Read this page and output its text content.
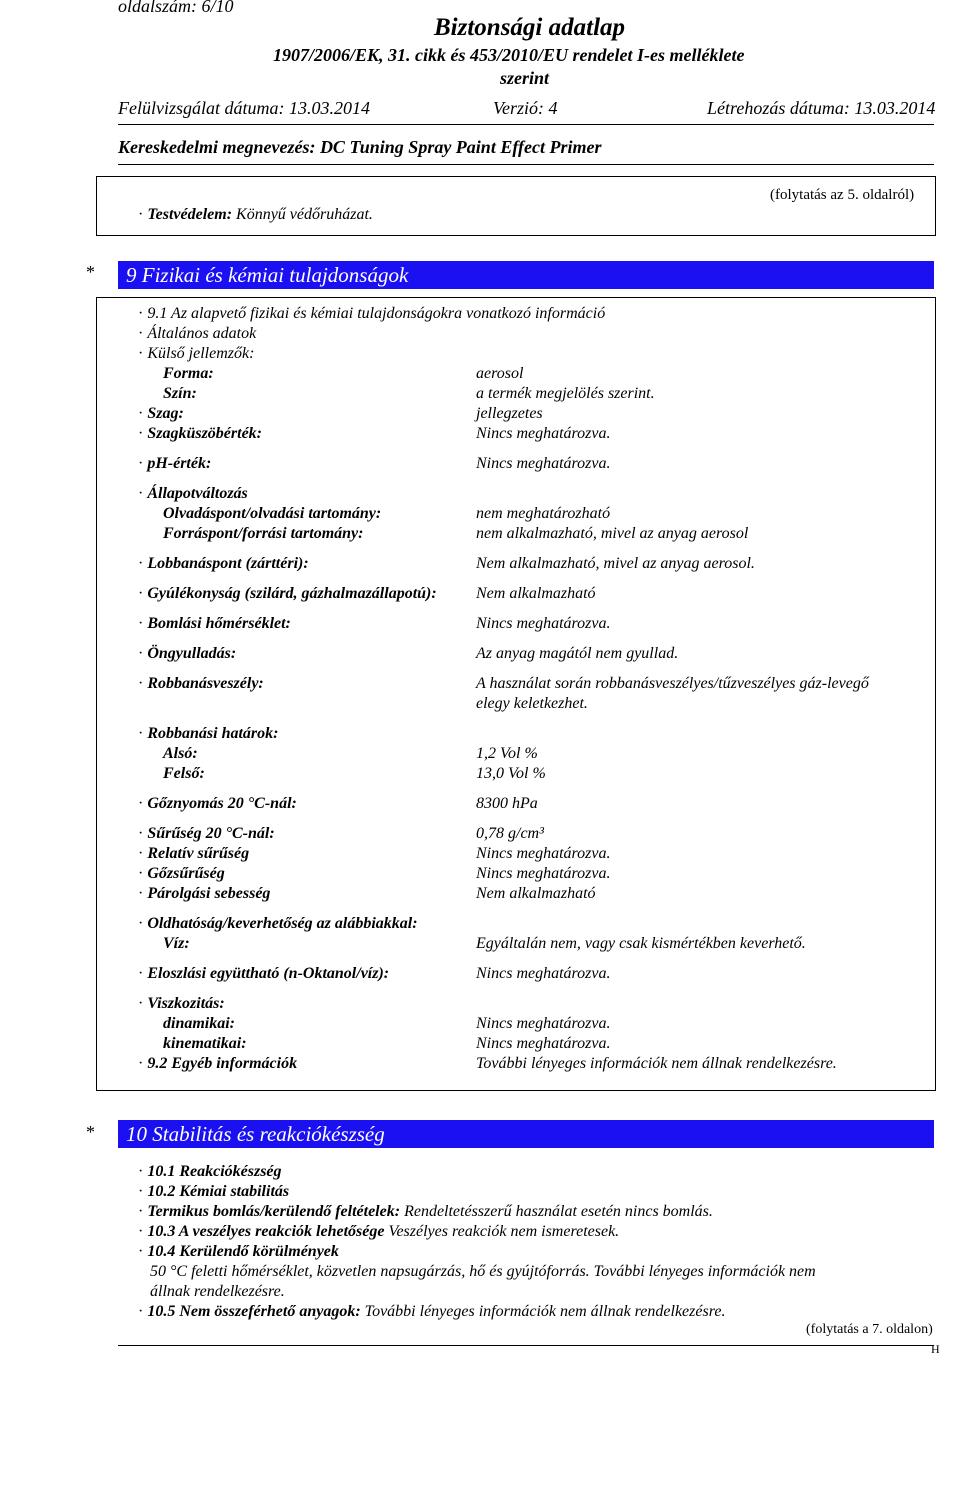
oldalszám: 6/10
Biztonsági adatlap
1907/2006/EK, 31. cikk és 453/2010/EU rendelet I-es melléklete
szerint
Felülvizsgálat dátuma: 13.03.2014	Verzió: 4	Létrehozás dátuma: 13.03.2014
Kereskedelmi megnevezés: DC Tuning Spray Paint Effect Primer
(folytatás az 5. oldalról)
· Testvédelem: Könnyű védőruházat.
* 9 Fizikai és kémiai tulajdonságok
· 9.1 Az alapvető fizikai és kémiai tulajdonságokra vonatkozó információ
· Általános adatok
· Külső jellemzők:
Forma:	aerosol
Szín:	a termék megjelölés szerint.
· Szag:	jellegzetes
· Szagküszöbérték:	Nincs meghatározva.
· pH-érték:	Nincs meghatározva.
· Állapotváltozás
Olvadáspont/olvadási tartomány:	nem meghatározható
Forráspont/forrási tartomány:	nem alkalmazható, mivel az anyag aerosol
· Lobbanáspont (zárttéri):	Nem alkalmazható, mivel az anyag aerosol.
· Gyúlékonyság (szilárd, gázhalmazállapotú): Nem alkalmazható
· Bomlási hőmérséklet:	Nincs meghatározva.
· Öngyulladás:	Az anyag magától nem gyullad.
· Robbanásveszély:	A használat során robbanásveszélyes/tűzveszélyes gáz-levegő
elegy keletkezhet.
· Robbanási határok:
Alsó:	1,2 Vol %
Felső:	13,0 Vol %
· Gőznyomás 20 °C-nál:	8300 hPa
· Sűrűség 20 °C-nál:	0,78 g/cm³
· Relatív sűrűség	Nincs meghatározva.
· Gőzsűrűség	Nincs meghatározva.
· Párolgási sebesség	Nem alkalmazható
· Oldhatóság/keverhetőség az alábbiakkal:
Víz:	Egyáltalán nem, vagy csak kismértékben keverhető.
· Eloszlási együttható (n-Oktanol/víz):	Nincs meghatározva.
· Viszkozitás:
dinamikai:	Nincs meghatározva.
kinematikai:	Nincs meghatározva.
· 9.2 Egyéb információk	További lényeges információk nem állnak rendelkezésre.
* 10 Stabilitás és reakciókészség
· 10.1 Reakciókészség
· 10.2 Kémiai stabilitás
· Termikus bomlás/kerülendő feltételek: Rendeltetésszerű használat esetén nincs bomlás.
· 10.3 A veszélyes reakciók lehetősége Veszélyes reakciók nem ismeretesek.
· 10.4 Kerülendő körülmények
50 °C feletti hőmérséklet, közvetlen napsugárzás, hő és gyújtóforrás. További lényeges információk nem
állnak rendelkezésre.
· 10.5 Nem összeférhető anyagok: További lényeges információk nem állnak rendelkezésre.
(folytatás a 7. oldalon)
H
